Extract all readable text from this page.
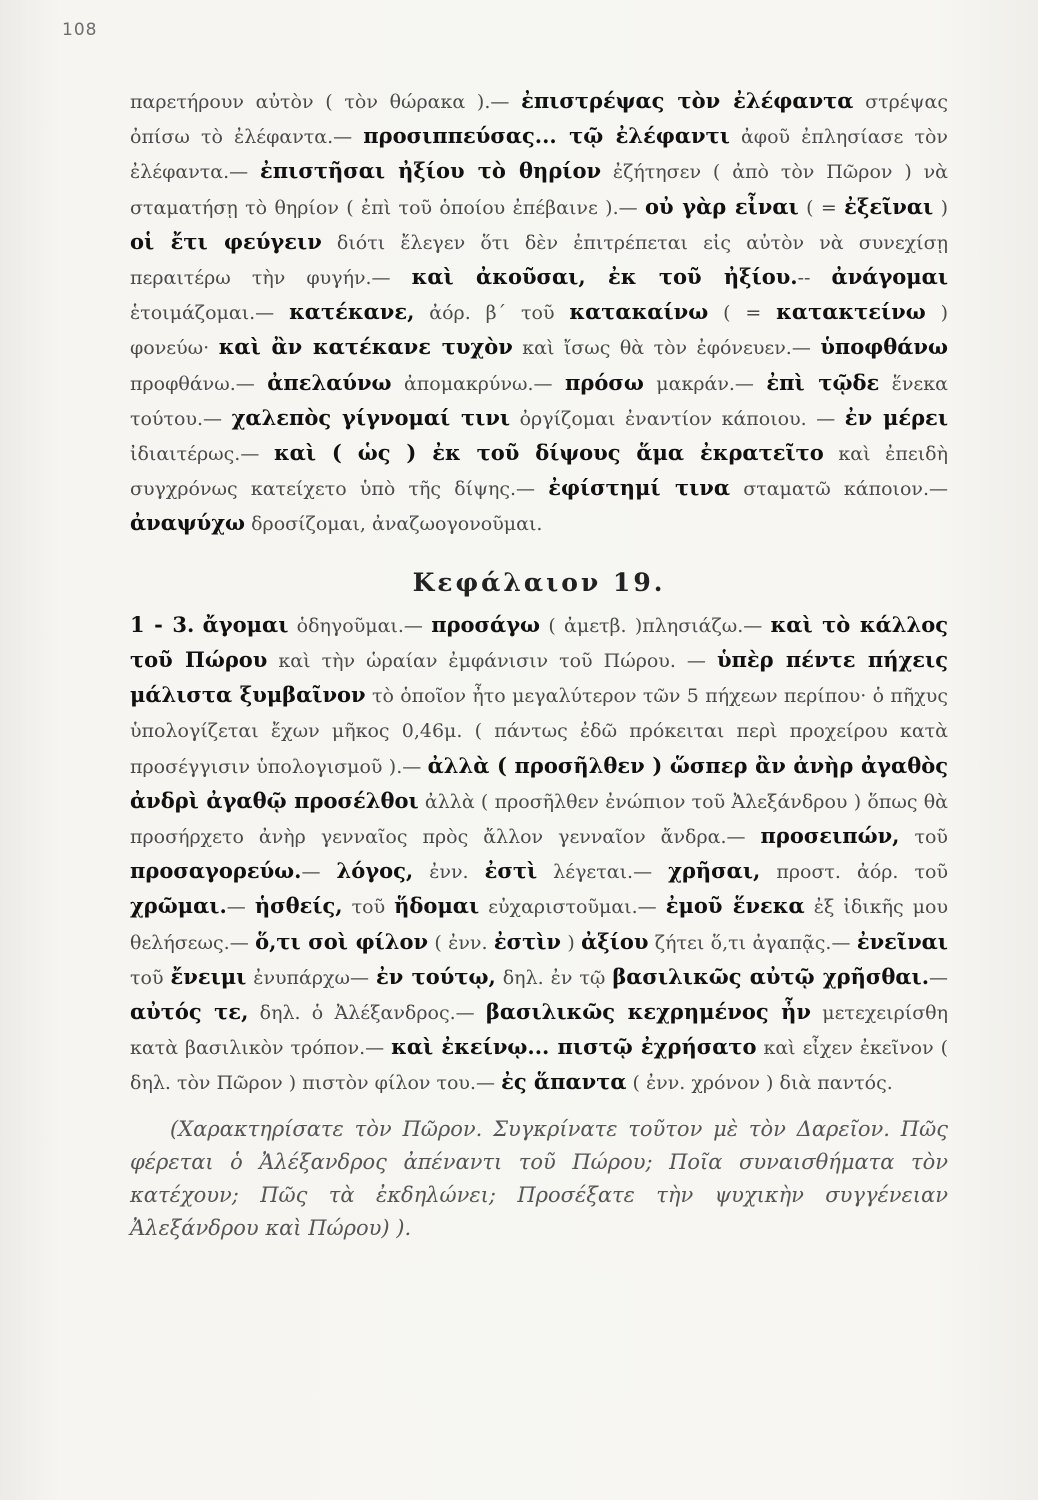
108

παρετήρουν αὐτὸν ( τὸν θώρακα ).— ἐπιστρέψας τὸν ἐλέφαντα στρέψας ὀπίσω τὸ ἐλέφαντα.— προσιππεύσας... τῷ ἐλέφαντι ἀφοῦ ἐπλησίασε τὸν ἐλέφαντα.— ἐπιστῆσαι ἠξίου τὸ θηρίον ἐζήτησεν ( ἀπὸ τὸν Πῶρον ) νὰ σταματήσῃ τὸ θηρίον ( ἐπὶ τοῦ ὁποίου ἐπέβαινε ).— οὐ γὰρ εἶναι ( = ἐξεῖναι ) οἱ ἔτι φεύγειν διότι ἔλεγεν ὅτι δὲν ἐπιτρέπεται εἰς αὐτὸν νὰ συνεχίσῃ περαιτέρω τὴν φυγήν.— καὶ ἀκοῦσαι, ἐκ τοῦ ἠξίου.-- ἀνάγομαι ἑτοιμάζομαι.— κατέκανε, ἀόρ. β΄ τοῦ κατακαίνω ( = κατακτείνω ) φονεύω· καὶ ἂν κατέκανε τυχὸν καὶ ἴσως θὰ τὸν ἐφόνευεν.— ὑποφθάνω προφθάνω.— ἀπελαύνω ἀπομακρύνω.— πρόσω μακράν.— ἐπὶ τῷδε ἕνεκα τούτου.— χαλεπὸς γίγνομαί τινι ὀργίζομαι ἐναντίον κάποιου. — ἐν μέρει ἰδιαιτέρως.— καὶ ( ὡς ) ἐκ τοῦ δίψους ἅμα ἐκρατεῖτο καὶ ἐπειδὴ συγχρόνως κατείχετο ὑπὸ τῆς δίψης.— ἐφίστημί τινα σταματῶ κάποιον.— ἀναψύχω δροσίζομαι, ἀναζωογονοῦμαι.

Κεφάλαιον 19.

1 - 3. ἄγομαι ὁδηγοῦμαι.— προσάγω ( ἀμετβ. )πλησιάζω.— καὶ τὸ κάλλος τοῦ Πώρου καὶ τὴν ὡραίαν ἐμφάνισιν τοῦ Πώρου. — ὑπὲρ πέντε πήχεις μάλιστα ξυμβαῖνον τὸ ὁποῖον ἦτο μεγαλύτερον τῶν 5 πήχεων περίπου· ὁ πῆχυς ὑπολογίζεται ἔχων μῆκος 0,46μ. ( πάντως ἐδῶ πρόκειται περὶ προχείρου κατὰ προσέγγισιν ὑπολογισμοῦ ).— ἀλλὰ ( προσῆλθεν ) ὥσπερ ἂν ἀνὴρ ἀγαθὸς ἀνδρὶ ἀγαθῷ προσέλθοι ἀλλὰ ( προσῆλθεν ἐνώπιον τοῦ Ἀλεξάνδρου ) ὅπως θὰ προσήρχετο ἀνὴρ γενναῖος πρὸς ἄλλον γενναῖον ἄνδρα.— προσειπών, τοῦ προσαγορεύω.— λόγος, ἐνν. ἐστὶ λέγεται.— χρῆσαι, προστ. ἀόρ. τοῦ χρῶμαι.— ἡσθείς, τοῦ ἥδομαι εὐχαριστοῦμαι.— ἐμοῦ ἕνεκα ἐξ ἰδικῆς μου θελήσεως.— ὅ,τι σοὶ φίλον ( ἐνν. ἐστὶν ) ἀξίου ζήτει ὅ,τι ἀγαπᾷς.— ἐνεῖναι τοῦ ἔνειμι ἐνυπάρχω— ἐν τούτῳ, δηλ. ἐν τῷ βασιλικῶς αὐτῷ χρῆσθαι.— αὐτός τε, δηλ. ὁ Ἀλέξανδρος.— βασιλικῶς κεχρημένος ἦν μετεχειρίσθη κατὰ βασιλικὸν τρόπον.— καὶ ἐκείνῳ... πιστῷ ἐχρήσατο καὶ εἶχεν ἐκεῖνον ( δηλ. τὸν Πῶρον ) πιστὸν φίλον του.— ἐς ἅπαντα ( ἐνν. χρόνον ) διὰ παντός.

(Χαρακτηρίσατε τὸν Πῶρον. Συγκρίνατε τοῦτον μὲ τὸν Δαρεῖον. Πῶς φέρεται ὁ Ἀλέξανδρος ἀπέναντι τοῦ Πώρου; Ποῖα συναισθήματα τὸν κατέχουν; Πῶς τὰ ἐκδηλώνει; Προσέξατε τὴν ψυχικὴν συγγένειαν Ἀλεξάνδρου καὶ Πώρου) ).
